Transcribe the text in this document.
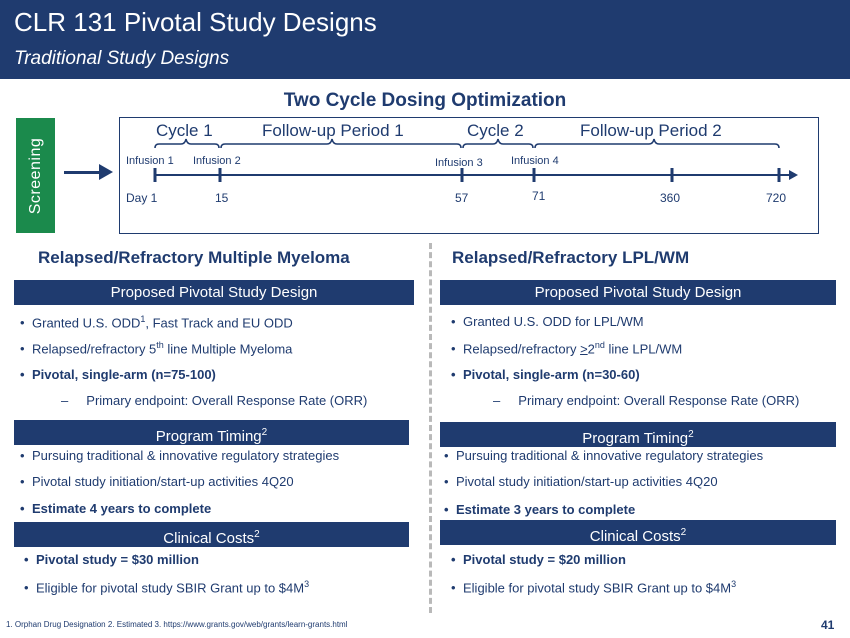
CLR 131 Pivotal Study Designs
Traditional Study Designs
Two Cycle Dosing Optimization
Screening
Cycle 1	Follow-up Period 1	Cycle 2	Follow-up Period 2
Infusion 1 Infusion 2	Infusion 3	Infusion 4
Day 1	15	57	71	360	720
Relapsed/Refractory Multiple Myeloma
Proposed Pivotal Study Design
• Granted U.S. ODD$^1$, Fast Track and EU ODD
• Relapsed/refractory 5th line Multiple Myeloma
• Pivotal, single-arm (n=75-100)
– Primary endpoint: Overall Response Rate (ORR)
Program Timing$^2$
• Pursuing traditional & innovative regulatory strategies
• Pivotal study initiation/start-up activities 4Q20
• Estimate 4 years to complete
Clinical Costs$^2$
• Pivotal study = $30 million
• Eligible for pivotal study SBIR Grant up to $\$4M^3$
Relapsed/Refractory LPL/WM
Proposed Pivotal Study Design
• Granted U.S. ODD for LPL/WM
• Relapsed/refractory >2nd line LPL/WM
• Pivotal, single-arm (n=30-60)
– Primary endpoint: Overall Response Rate (ORR)
Program Timing$^2$
• Pursuing traditional & innovative regulatory strategies
• Pivotal study initiation/start-up activities 4Q20
• Estimate 3 years to complete
Clinical Costs$^2$
• Pivotal study = $20 million
• Eligible for pivotal study SBIR Grant up to $\$4M^3$
1. Orphan Drug Designation 2. Estimated 3. https://www.grants.gov/web/grants/learn-grants.html	41
